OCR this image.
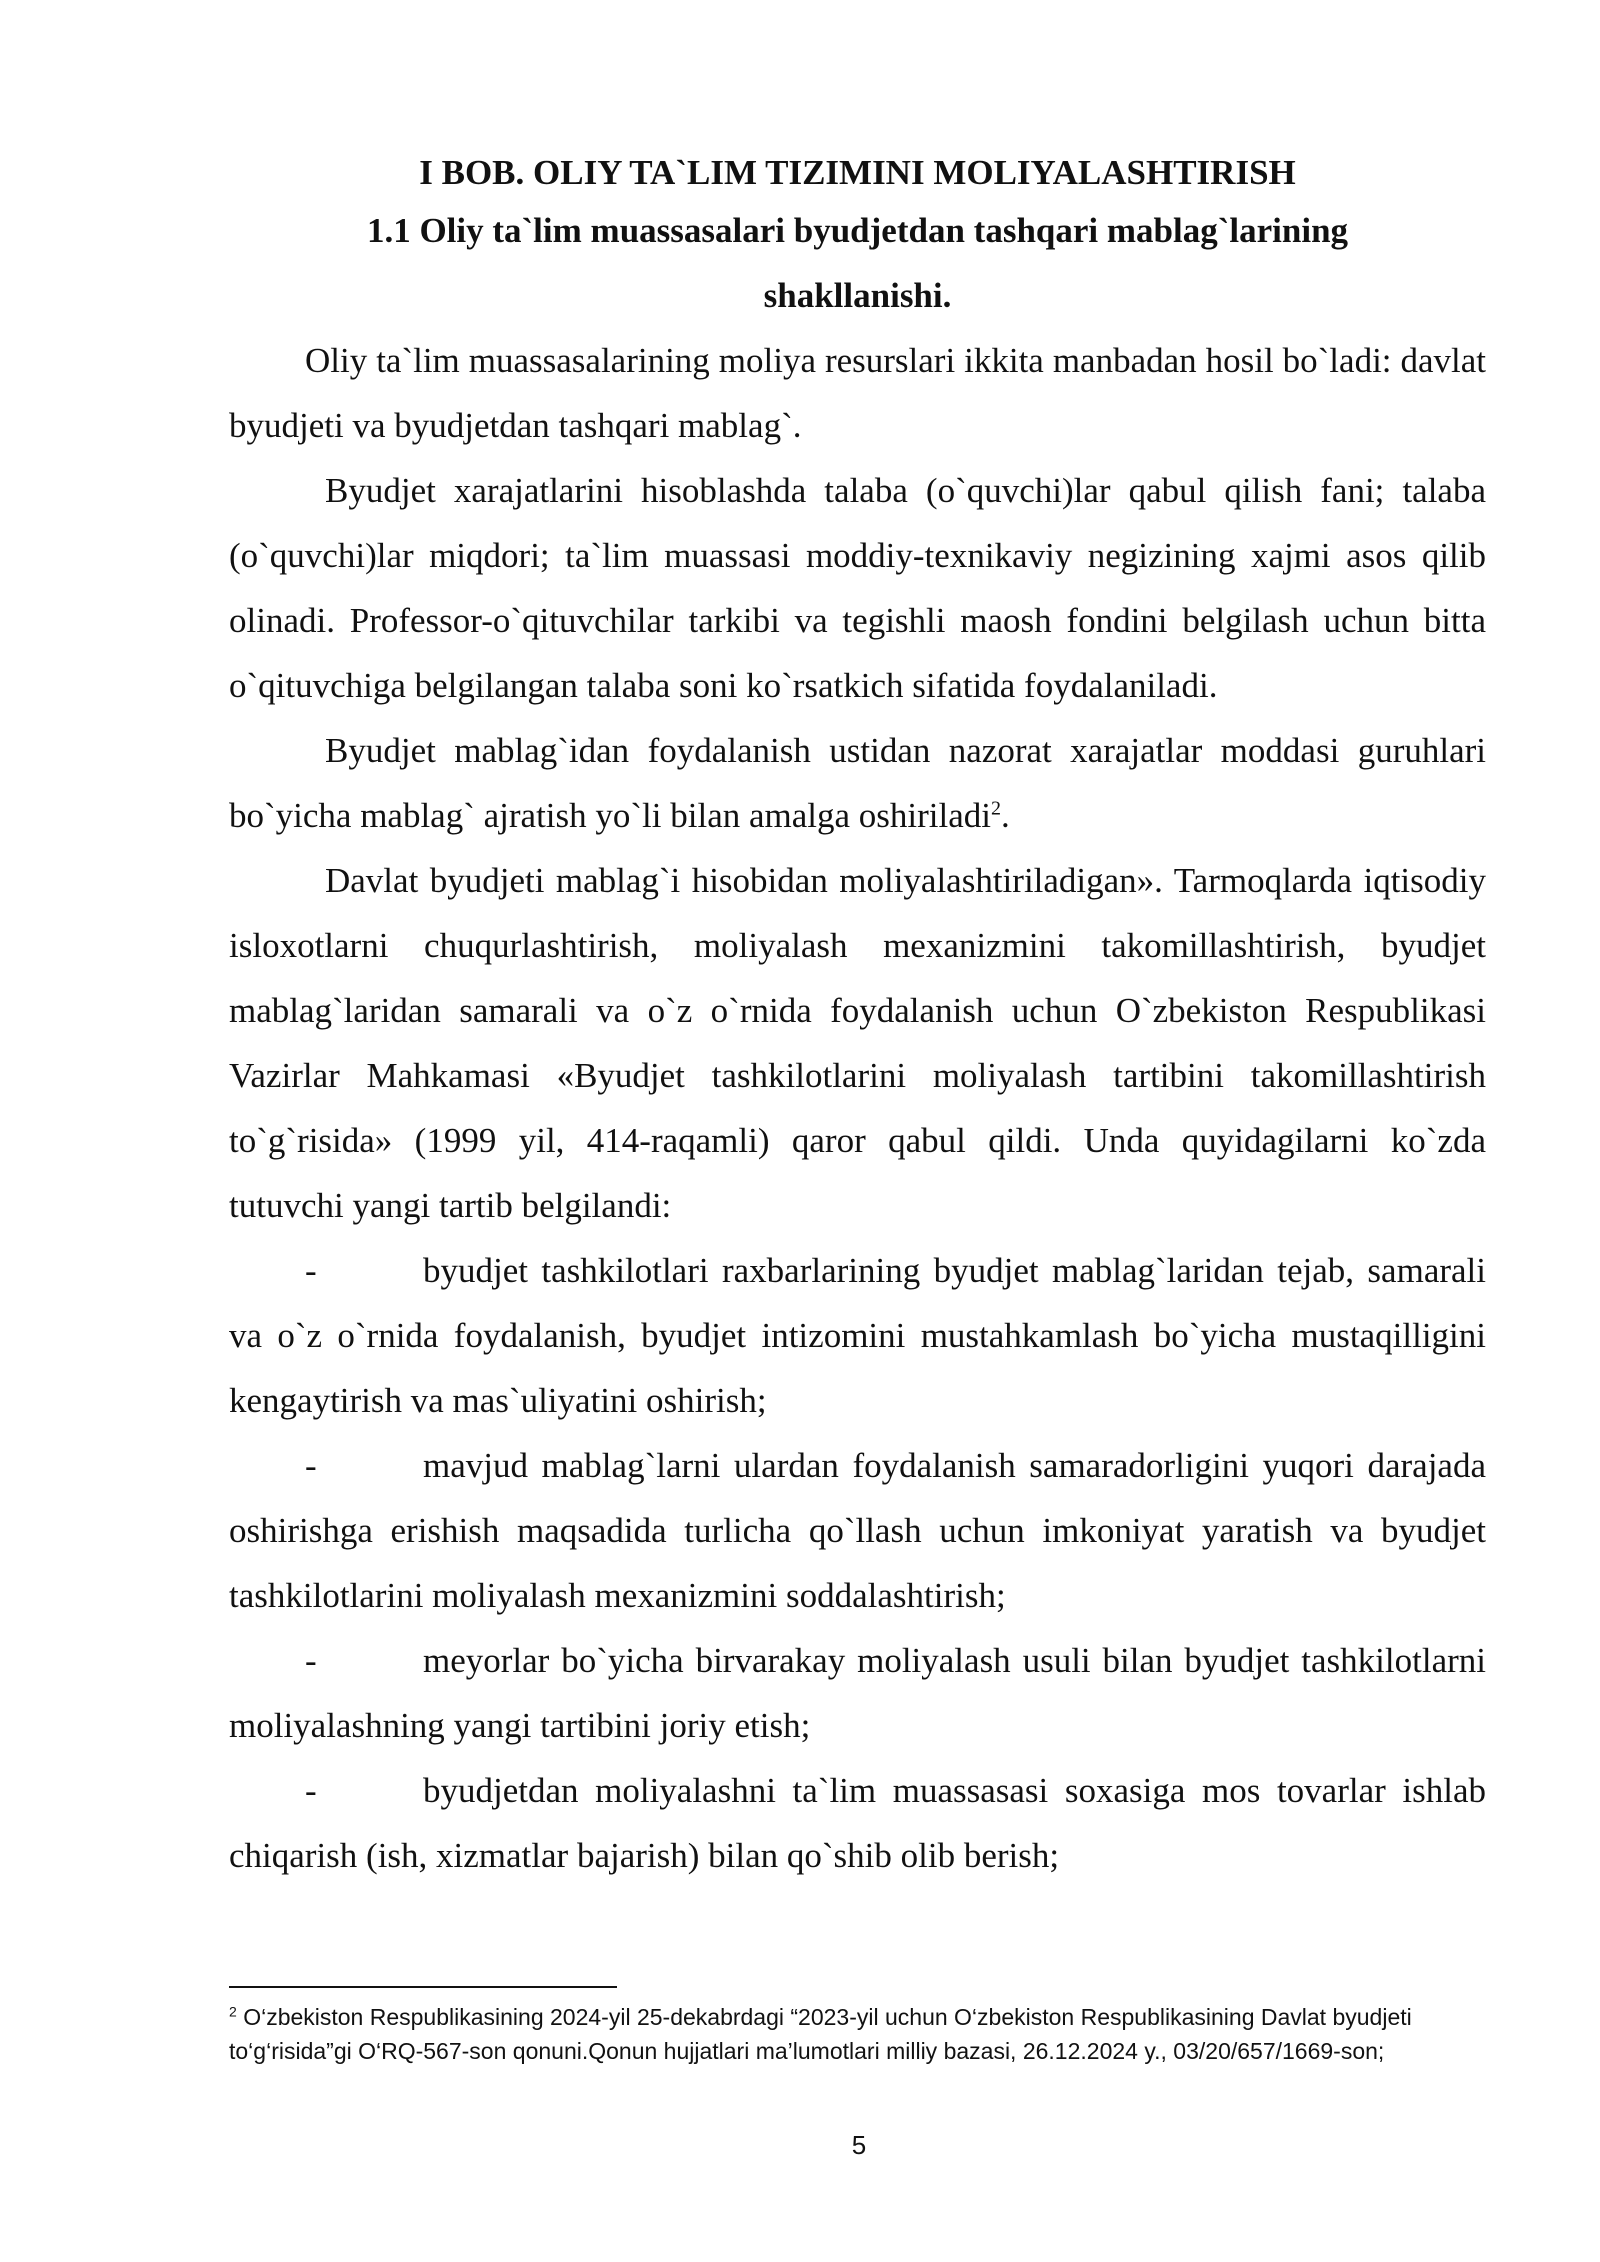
I BOB. OLIY TA`LIM TIZIMINI MOLIYALASHTIRISH
1.1 Oliy ta`lim muassasalari byudjetdan tashqari mablag`larining
shakllanishi.

Oliy ta`lim muassasalarining moliya resurslari ikkita manbadan hosil bo`ladi: davlat byudjeti va byudjetdan tashqari mablag`.

Byudjet xarajatlarini hisoblashda talaba (o`quvchi)lar qabul qilish fani; talaba (o`quvchi)lar miqdori; ta`lim muassasi moddiy-texnikaviy negizining xajmi asos qilib olinadi. Professor-o`qituvchilar tarkibi va tegishli maosh fondini belgilash uchun bitta o`qituvchiga belgilangan talaba soni ko`rsatkich sifatida foydalaniladi.

Byudjet mablag`idan foydalanish ustidan nazorat xarajatlar moddasi guruhlari bo`yicha mablag` ajratish yo`li bilan amalga oshiriladi$^2$.

Davlat byudjeti mablag`i hisobidan moliyalashtiriladigan». Tarmoqlarda iqtisodiy isloxotlarni chuqurlashtirish, moliyalash mexanizmini takomillashtirish, byudjet mablag`laridan samarali va o`z o`rnida foydalanish uchun O`zbekiston Respublikasi Vazirlar Mahkamasi «Byudjet tashkilotlarini moliyalash tartibini takomillashtirish to`g`risida» (1999 yil, 414-raqamli) qaror qabul qildi. Unda quyidagilarni ko`zda tutuvchi yangi tartib belgilandi:

-	byudjet tashkilotlari raxbarlarining byudjet mablag`laridan tejab, samarali va o`z o`rnida foydalanish, byudjet intizomini mustahkamlash bo`yicha mustaqilligini kengaytirish va mas`uliyatini oshirish;

-	mavjud mablag`larni ulardan foydalanish samaradorligini yuqori darajada oshirishga erishish maqsadida turlicha qo`llash uchun imkoniyat yaratish va byudjet tashkilotlarini moliyalash mexanizmini soddalashtirish;

-	meyorlar bo`yicha birvarakay moliyalash usuli bilan byudjet tashkilotlarni moliyalashning yangi tartibini joriy etish;

-	byudjetdan moliyalashni ta`lim muassasasi soxasiga mos tovarlar ishlab chiqarish (ish, xizmatlar bajarish) bilan qo`shib olib berish;

$^2$ O‘zbekiston Respublikasining 2024-yil 25-dekabrdagi “2023-yil uchun O‘zbekiston Respublikasining Davlat byudjeti to‘g‘risida”gi O‘RQ-567-son qonuni.Qonun hujjatlari ma’lumotlari milliy bazasi, 26.12.2024 y., 03/20/657/1669-son;
5
